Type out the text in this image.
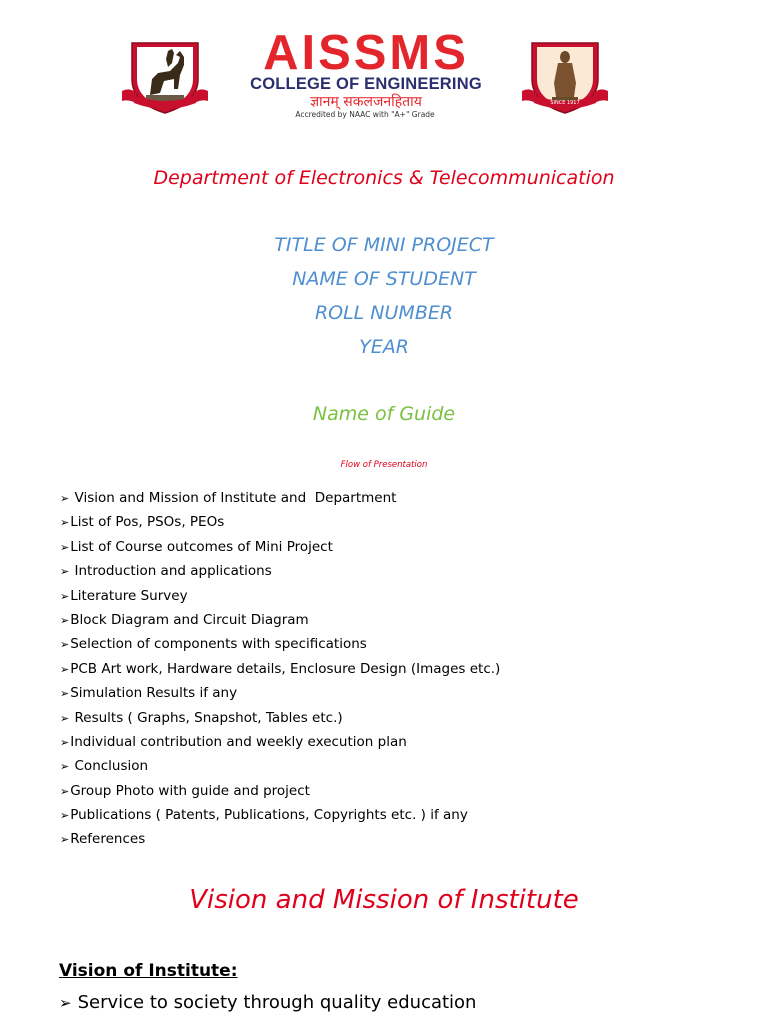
AISSMS
COLLEGE OF ENGINEERING
ज्ञानम् सकलजनहिताय
Accredited by NAAC with "A+" Grade
SINCE 1917
Department of Electronics & Telecommunication
TITLE OF MINI PROJECT
NAME OF STUDENT
ROLL NUMBER
YEAR
Name of Guide
Flow of Presentation
➢ Vision and Mission of Institute and  Department
➢List of Pos, PSOs, PEOs
➢List of Course outcomes of Mini Project
➢ Introduction and applications
➢Literature Survey
➢Block Diagram and Circuit Diagram
➢Selection of components with specifications
➢PCB Art work, Hardware details, Enclosure Design (Images etc.)
➢Simulation Results if any
➢ Results ( Graphs, Snapshot, Tables etc.)
➢Individual contribution and weekly execution plan
➢ Conclusion
➢Group Photo with guide and project
➢Publications ( Patents, Publications, Copyrights etc. ) if any
➢References
Vision and Mission of Institute
Vision of Institute:
➢ Service to society through quality education
